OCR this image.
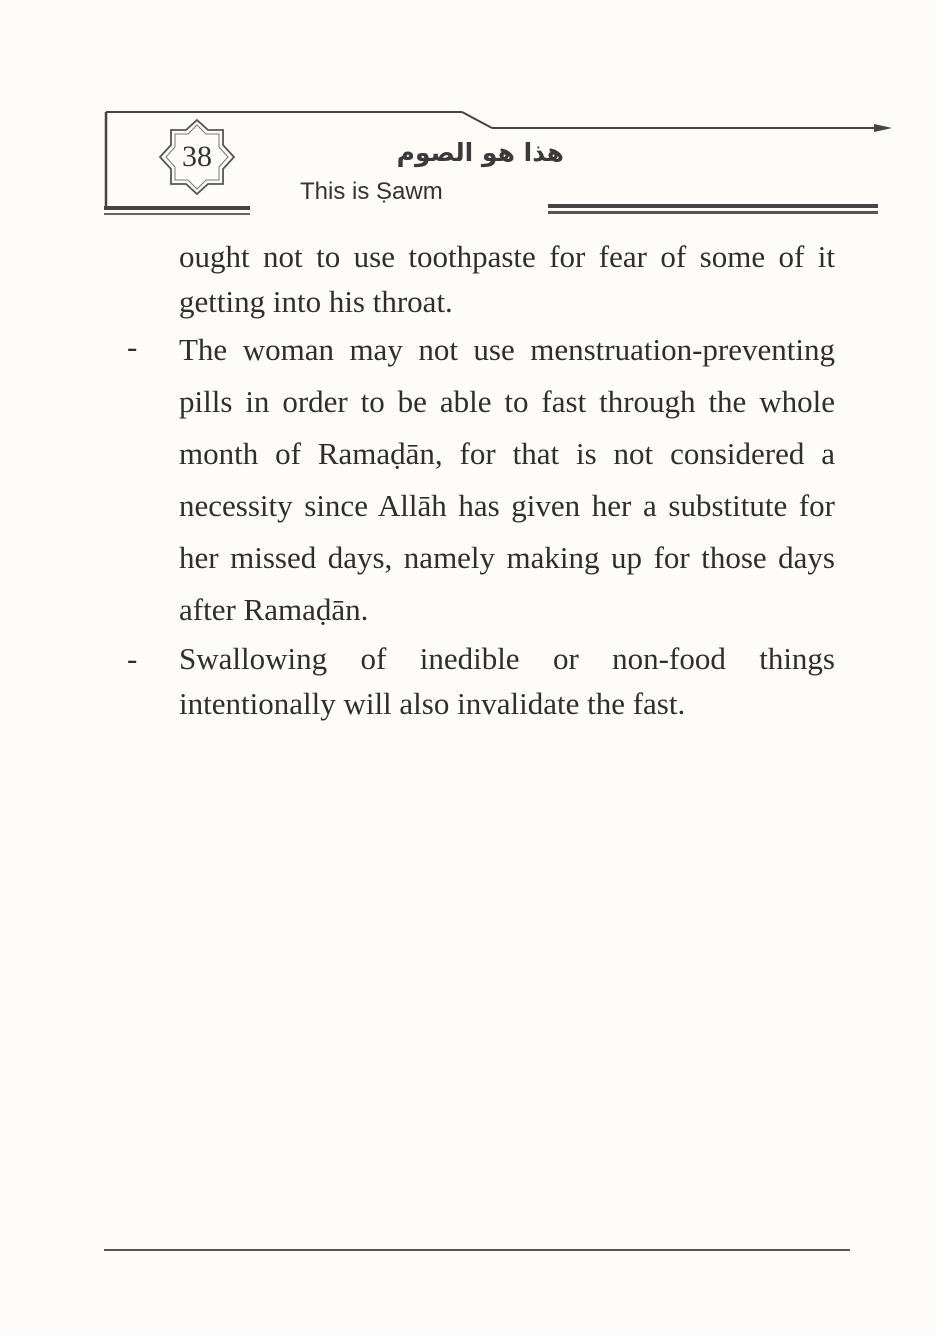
38	هذا هو الصوم
This is Ṣawm

ought not to use toothpaste for fear of some of it getting into his throat.

-	The woman may not use menstruation-preventing pills in order to be able to fast through the whole month of Ramaḍān, for that is not considered a necessity since Allāh has given her a substitute for her missed days, namely making up for those days after Ramaḍān.
-	Swallowing of inedible or non-food things intentionally will also invalidate the fast.
